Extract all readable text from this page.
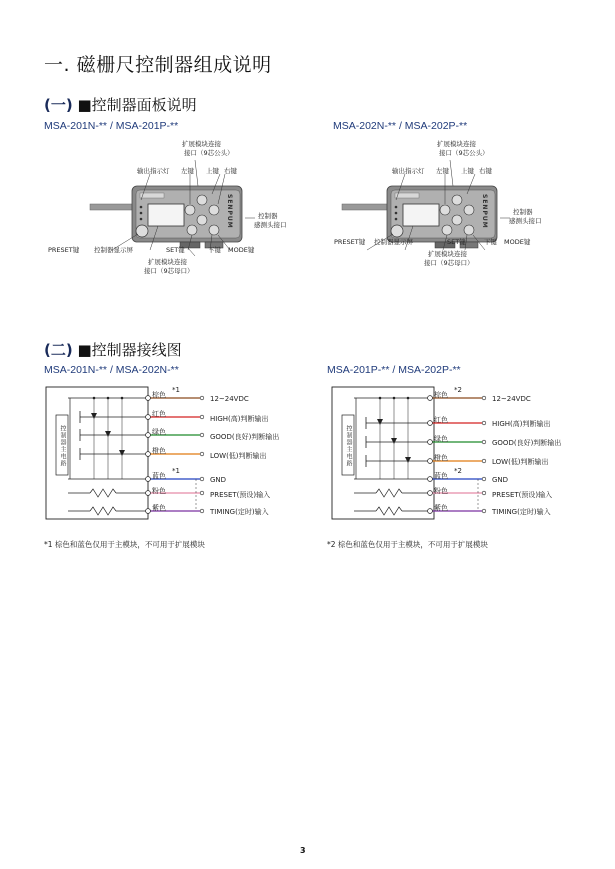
一. 磁栅尺控制器组成说明
(一) ■控制器面板说明
MSA-201N-** / MSA-201P-**	MSA-202N-** / MSA-202P-**
扩展模块连接
接口（9芯公头）
输出指示灯 左键 上键 右键
控制器
感测头接口
PRESET键 控制器显示屏	SET键	下键 MODE键
扩展模块连接
接口（9芯母口）
SENPUM
扩展模块连接
接口（9芯公头）
输出指示灯 左键 上键 右键
控制器
感测头接口
PRESET键 控制器显示屏	SET键	下键 MODE键
扩展模块连接
接口（9芯母口）
SENPUM
(二) ■控制器接线图
MSA-201N-** / MSA-202N-**	MSA-201P-** / MSA-202P-**
控制器主电路
棕色
*1
12~24VDC
红色
HIGH(高)判断输出
绿色
GOOD(良好)判断输出
橙色
LOW(低)判断输出
蓝色
*1
GND
粉色	PRESET(预设)输入
紫色	TIMING(定时)输入
控制器主电路
棕色
*2
12~24VDC
红色	HIGH(高)判断输出
绿色	GOOD(良好)判断输出
橙色	LOW(低)判断输出
蓝色
*2
GND
粉色	PRESET(预设)输入
紫色	TIMING(定时)输入
*1 棕色和蓝色仅用于主模块，不可用于扩展模块	*2 棕色和蓝色仅用于主模块，不可用于扩展模块
3
